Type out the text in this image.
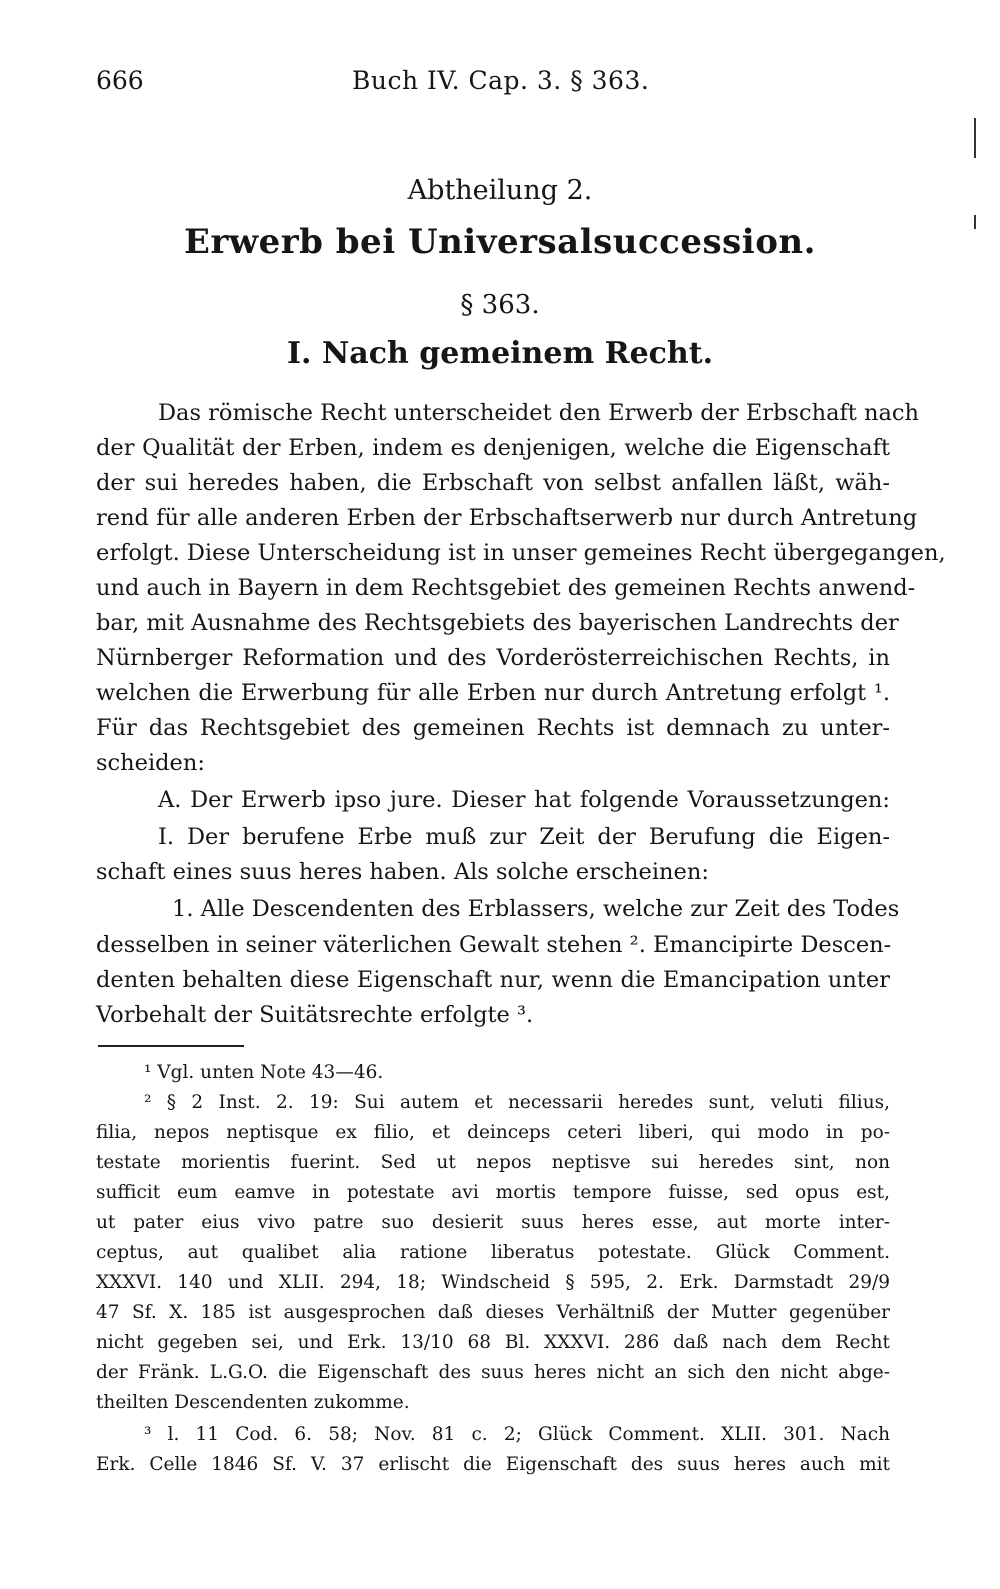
666	Buch IV. Cap. 3. § 363.
Abtheilung 2.
Erwerb bei Universalsuccession.
§ 363.
I. Nach gemeinem Recht.
Das römische Recht unterscheidet den Erwerb der Erbschaft nach
der Qualität der Erben, indem es denjenigen, welche die Eigenschaft
der sui heredes haben, die Erbschaft von selbst anfallen läßt, wäh-
rend für alle anderen Erben der Erbschaftserwerb nur durch Antretung
erfolgt. Diese Unterscheidung ist in unser gemeines Recht übergegangen,
und auch in Bayern in dem Rechtsgebiet des gemeinen Rechts anwend-
bar, mit Ausnahme des Rechtsgebiets des bayerischen Landrechts der
Nürnberger Reformation und des Vorderösterreichischen Rechts, in
welchen die Erwerbung für alle Erben nur durch Antretung erfolgt ¹.
Für das Rechtsgebiet des gemeinen Rechts ist demnach zu unter-
scheiden:
A. Der Erwerb ipso jure. Dieser hat folgende Voraussetzungen:
I. Der berufene Erbe muß zur Zeit der Berufung die Eigen-
schaft eines suus heres haben. Als solche erscheinen:
1. Alle Descendenten des Erblassers, welche zur Zeit des Todes
desselben in seiner väterlichen Gewalt stehen ². Emancipirte Descen-
denten behalten diese Eigenschaft nur, wenn die Emancipation unter
Vorbehalt der Suitätsrechte erfolgte ³.
¹ Vgl. unten Note 43—46.
² § 2 Inst. 2. 19: Sui autem et necessarii heredes sunt, veluti filius,
filia, nepos neptisque ex filio, et deinceps ceteri liberi, qui modo in po-
testate morientis fuerint. Sed ut nepos neptisve sui heredes sint, non
sufficit eum eamve in potestate avi mortis tempore fuisse, sed opus est,
ut pater eius vivo patre suo desierit suus heres esse, aut morte inter-
ceptus, aut qualibet alia ratione liberatus potestate. Glück Comment.
XXXVI. 140 und XLII. 294, 18; Windscheid § 595, 2. Erk. Darmstadt 29/9
47 Sf. X. 185 ist ausgesprochen daß dieses Verhältniß der Mutter gegenüber
nicht gegeben sei, und Erk. 13/10 68 Bl. XXXVI. 286 daß nach dem Recht
der Fränk. L.G.O. die Eigenschaft des suus heres nicht an sich den nicht abge-
theilten Descendenten zukomme.
³ l. 11 Cod. 6. 58; Nov. 81 c. 2; Glück Comment. XLII. 301. Nach
Erk. Celle 1846 Sf. V. 37 erlischt die Eigenschaft des suus heres auch mit
